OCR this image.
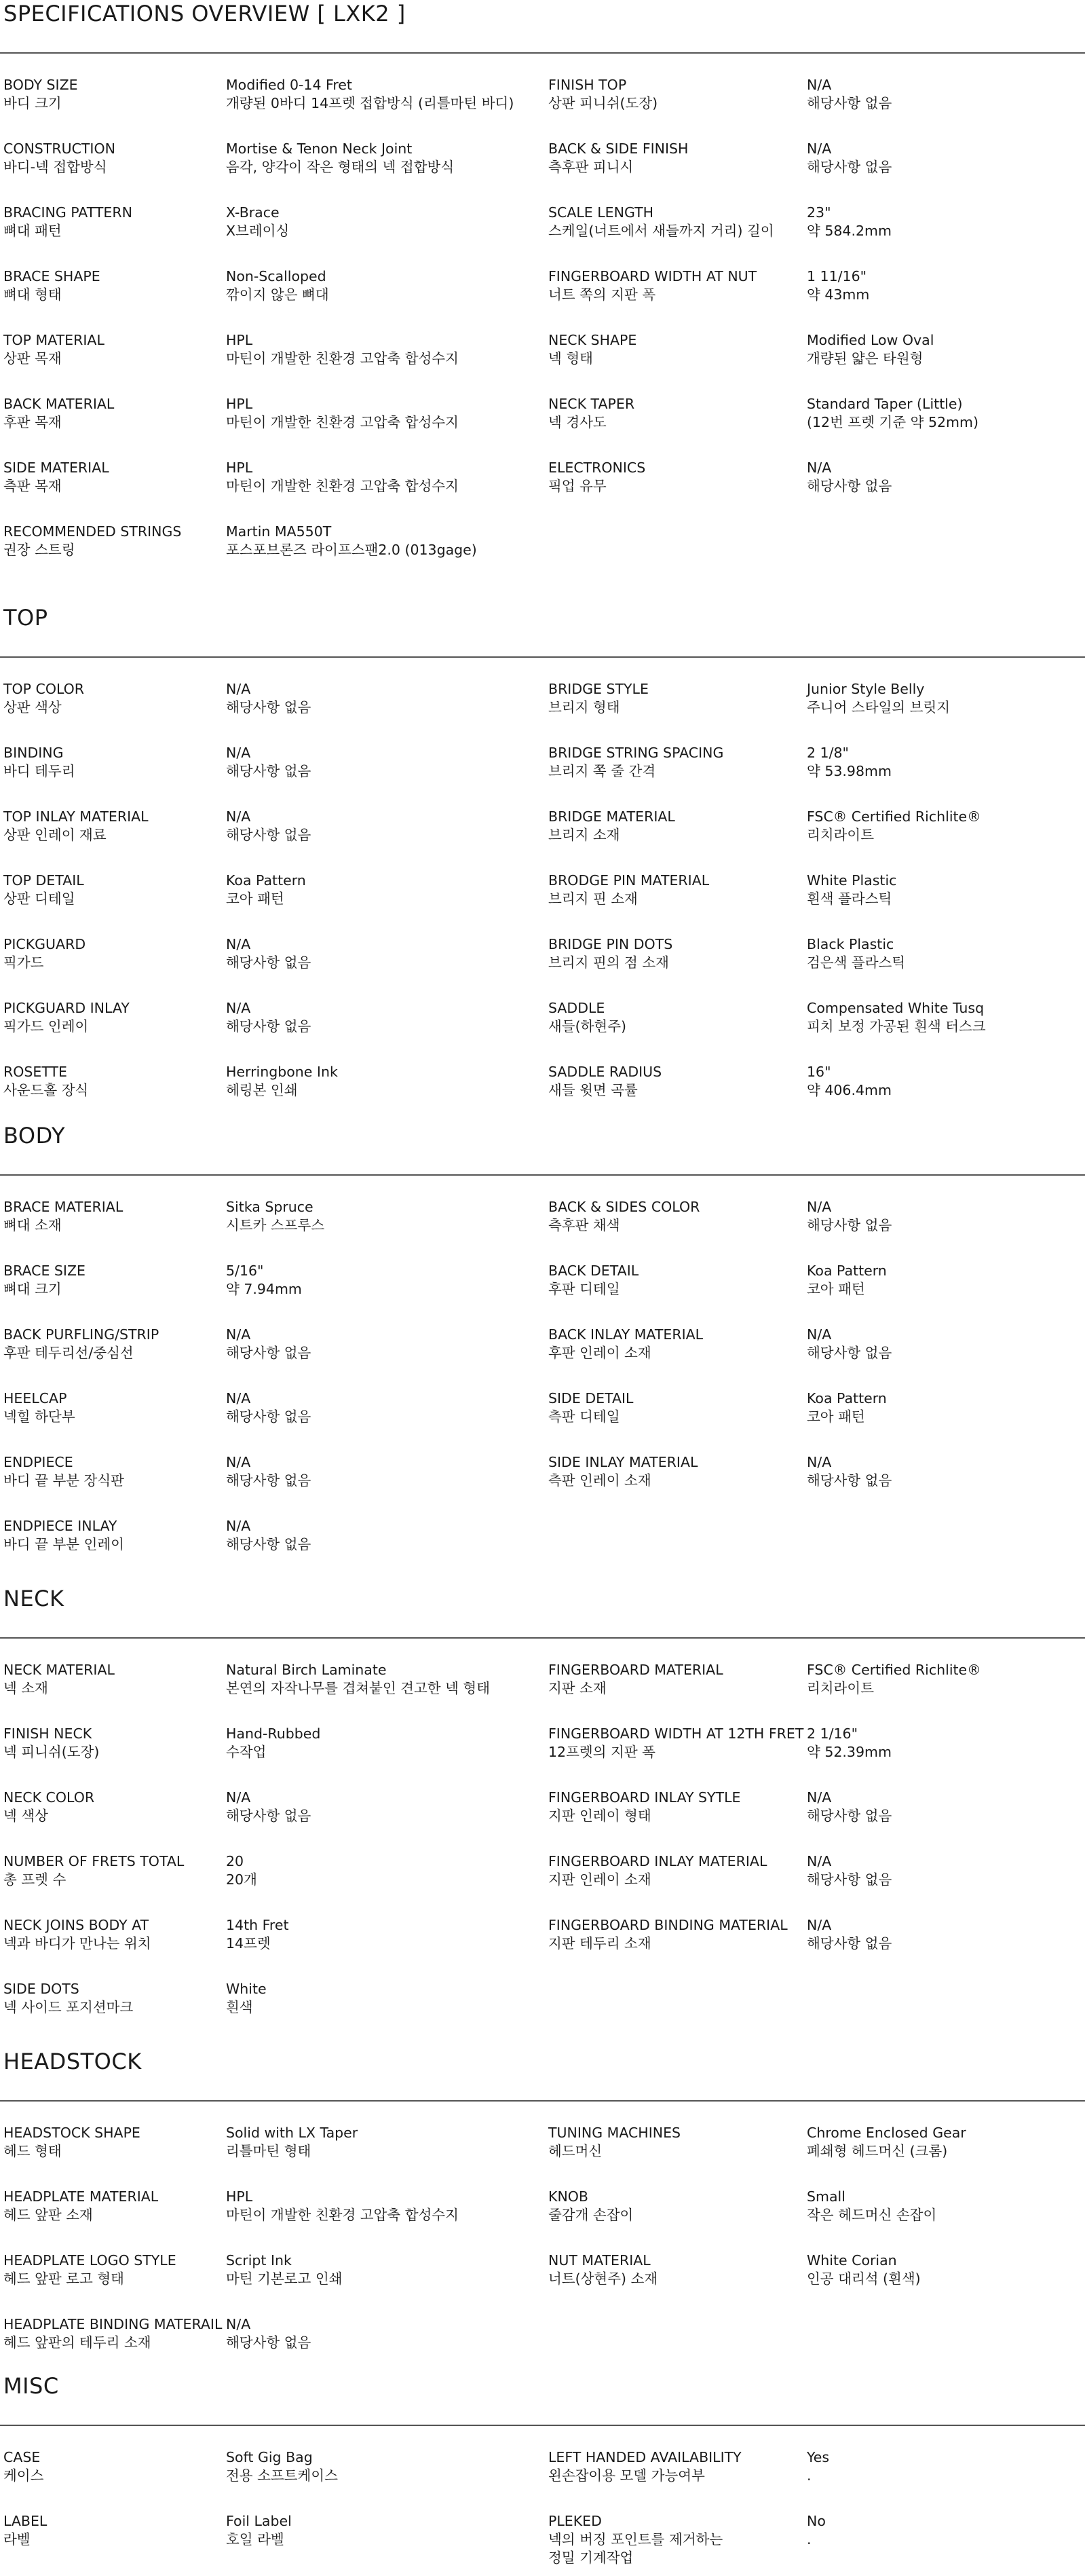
SPECIFICATIONS OVERVIEW [ LXK2 ]
BODY SIZE
바디 크기
Modified 0-14 Fret
개량된 0바디 14프렛 접합방식 (리틀마틴 바디)
FINISH TOP
상판 피니쉬(도장)
N/A
해당사항 없음
CONSTRUCTION
바디-넥 접합방식
Mortise & Tenon Neck Joint
음각, 양각이 작은 형태의 넥 접합방식
BACK & SIDE FINISH
측후판 피니시
N/A
해당사항 없음
BRACING PATTERN
뼈대 패턴
X-Brace
X브레이싱
SCALE LENGTH
스케일(너트에서 새들까지 거리) 길이
23"
약 584.2mm
BRACE SHAPE
뼈대 형태
Non-Scalloped
깎이지 않은 뼈대
FINGERBOARD WIDTH AT NUT
너트 쪽의 지판 폭
1 11/16"
약 43mm
TOP MATERIAL
상판 목재
HPL
마틴이 개발한 친환경 고압축 합성수지
NECK SHAPE
넥 형태
Modified Low Oval
개량된 얇은 타원형
BACK MATERIAL
후판 목재
HPL
마틴이 개발한 친환경 고압축 합성수지
NECK TAPER
넥 경사도
Standard Taper (Little)
(12번 프렛 기준 약 52mm)
SIDE MATERIAL
측판 목재
HPL
마틴이 개발한 친환경 고압축 합성수지
ELECTRONICS
픽업 유무
N/A
해당사항 없음
RECOMMENDED STRINGS
권장 스트링
Martin MA550T
포스포브론즈 라이프스팬2.0 (013gage)
TOP
TOP COLOR
상판 색상
N/A
해당사항 없음
BRIDGE STYLE
브리지 형태
Junior Style Belly
주니어 스타일의 브릿지
BINDING
바디 테두리
N/A
해당사항 없음
BRIDGE STRING SPACING
브리지 쪽 줄 간격
2 1/8"
약 53.98mm
TOP INLAY MATERIAL
상판 인레이 재료
N/A
해당사항 없음
BRIDGE MATERIAL
브리지 소재
FSC® Certified Richlite®
리치라이트
TOP DETAIL
상판 디테일
Koa Pattern
코아 패턴
BRODGE PIN MATERIAL
브리지 핀 소재
White Plastic
흰색 플라스틱
PICKGUARD
픽가드
N/A
해당사항 없음
BRIDGE PIN DOTS
브리지 핀의 점 소재
Black Plastic
검은색 플라스틱
PICKGUARD INLAY
픽가드 인레이
N/A
해당사항 없음
SADDLE
새들(하현주)
Compensated White Tusq
피치 보정 가공된 흰색 터스크
ROSETTE
사운드홀 장식
Herringbone Ink
헤링본 인쇄
SADDLE RADIUS
새들 윗면 곡률
16"
약 406.4mm
BODY
BRACE MATERIAL
뼈대 소재
Sitka Spruce
시트카 스프루스
BACK & SIDES COLOR
측후판 채색
N/A
해당사항 없음
BRACE SIZE
뼈대 크기
5/16"
약 7.94mm
BACK DETAIL
후판 디테일
Koa Pattern
코아 패턴
BACK PURFLING/STRIP
후판 테두리선/중심선
N/A
해당사항 없음
BACK INLAY MATERIAL
후판 인레이 소재
N/A
해당사항 없음
HEELCAP
넥힐 하단부
N/A
해당사항 없음
SIDE DETAIL
측판 디테일
Koa Pattern
코아 패턴
ENDPIECE
바디 끝 부분 장식판
N/A
해당사항 없음
SIDE INLAY MATERIAL
측판 인레이 소재
N/A
해당사항 없음
ENDPIECE INLAY
바디 끝 부분 인레이
N/A
해당사항 없음
NECK
NECK MATERIAL
넥 소재
Natural Birch Laminate
본연의 자작나무를 겹쳐붙인 견고한 넥 형태
FINGERBOARD MATERIAL
지판 소재
FSC® Certified Richlite®
리치라이트
FINISH NECK
넥 피니쉬(도장)
Hand-Rubbed
수작업
FINGERBOARD WIDTH AT 12TH FRET
12프렛의 지판 폭
2 1/16"
약 52.39mm
NECK COLOR
넥 색상
N/A
해당사항 없음
FINGERBOARD INLAY SYTLE
지판 인레이 형태
N/A
해당사항 없음
NUMBER OF FRETS TOTAL
총 프렛 수
20
20개
FINGERBOARD INLAY MATERIAL
지판 인레이 소재
N/A
해당사항 없음
NECK JOINS BODY AT
넥과 바디가 만나는 위치
14th Fret
14프렛
FINGERBOARD BINDING MATERIAL
지판 테두리 소재
N/A
해당사항 없음
SIDE DOTS
넥 사이드 포지션마크
White
흰색
HEADSTOCK
HEADSTOCK SHAPE
헤드 형태
Solid with LX Taper
리틀마틴 형태
TUNING MACHINES
헤드머신
Chrome Enclosed Gear
폐쇄형 헤드머신 (크롬)
HEADPLATE MATERIAL
헤드 앞판 소재
HPL
마틴이 개발한 친환경 고압축 합성수지
KNOB
줄감개 손잡이
Small
작은 헤드머신 손잡이
HEADPLATE LOGO STYLE
헤드 앞판 로고 형태
Script Ink
마틴 기본로고 인쇄
NUT MATERIAL
너트(상현주) 소재
White Corian
인공 대리석 (흰색)
HEADPLATE BINDING MATERAIL
헤드 앞판의 테두리 소재
N/A
해당사항 없음
MISC
CASE
케이스
Soft Gig Bag
전용 소프트케이스
LEFT HANDED AVAILABILITY
왼손잡이용 모델 가능여부
Yes
.
LABEL
라벨
Foil Label
호일 라벨
PLEKED
넥의 버징 포인트를 제거하는
정밀 기계작업
No
.
